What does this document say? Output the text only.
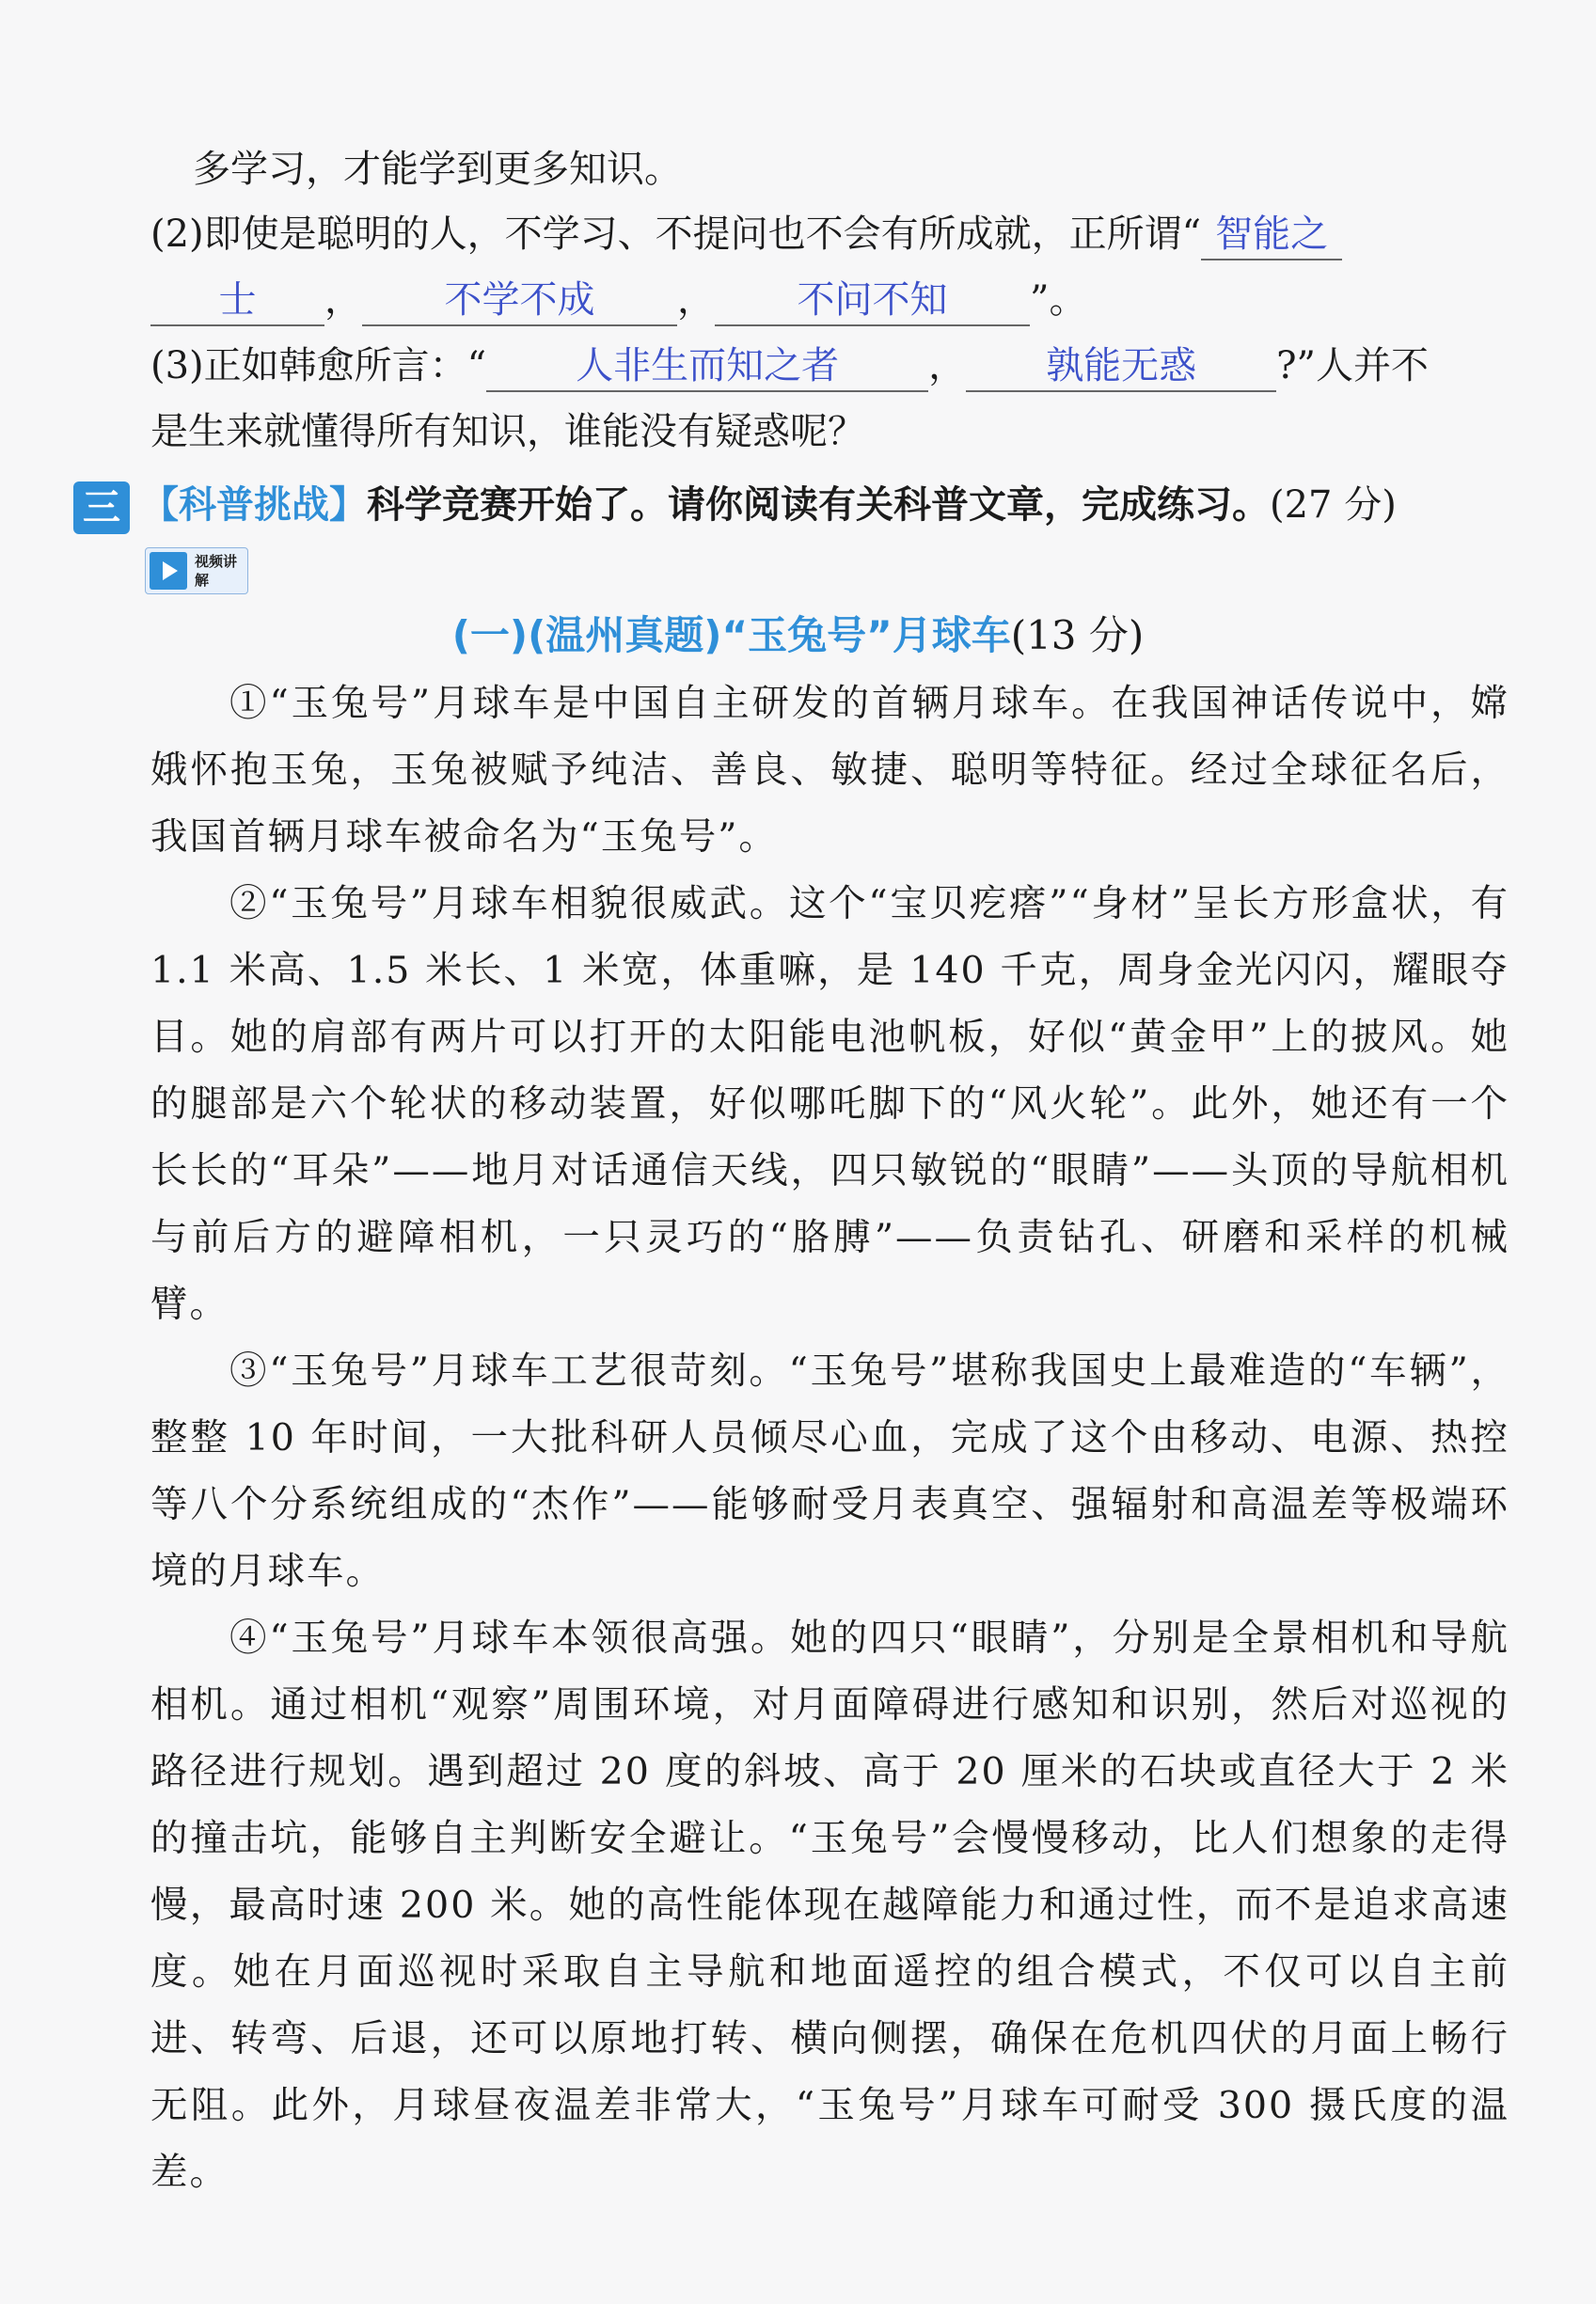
多学习，才能学到更多知识。
(2)即使是聪明的人，不学习、不提问也不会有所成就，正所谓“ 智能之
士 ， 不学不成 ， 不问不知 ”。
(3)正如韩愈所言：“ 人非生而知之者 ， 孰能无惑 ?”人并不
是生来就懂得所有知识，谁能没有疑惑呢？
三 【科普挑战】科学竞赛开始了。请你阅读有关科普文章，完成练习。(27 分)
视频讲解
(一)(温州真题)“玉兔号”月球车(13 分)
①“玉兔号”月球车是中国自主研发的首辆月球车。在我国神话传说中，嫦娥怀抱玉兔，玉兔被赋予纯洁、善良、敏捷、聪明等特征。经过全球征名后，我国首辆月球车被命名为“玉兔号”。
②“玉兔号”月球车相貌很威武。这个“宝贝疙瘩”“身材”呈长方形盒状，有 1.1 米高、1.5 米长、1 米宽，体重嘛，是 140 千克，周身金光闪闪，耀眼夺目。她的肩部有两片可以打开的太阳能电池帆板，好似“黄金甲”上的披风。她的腿部是六个轮状的移动装置，好似哪吒脚下的“风火轮”。此外，她还有一个长长的“耳朵”——地月对话通信天线，四只敏锐的“眼睛”——头顶的导航相机与前后方的避障相机，一只灵巧的“胳膊”——负责钻孔、研磨和采样的机械臂。
③“玉兔号”月球车工艺很苛刻。“玉兔号”堪称我国史上最难造的“车辆”，整整 10 年时间，一大批科研人员倾尽心血，完成了这个由移动、电源、热控等八个分系统组成的“杰作”——能够耐受月表真空、强辐射和高温差等极端环境的月球车。
④“玉兔号”月球车本领很高强。她的四只“眼睛”，分别是全景相机和导航相机。通过相机“观察”周围环境，对月面障碍进行感知和识别，然后对巡视的路径进行规划。遇到超过 20 度的斜坡、高于 20 厘米的石块或直径大于 2 米的撞击坑，能够自主判断安全避让。“玉兔号”会慢慢移动，比人们想象的走得慢，最高时速 200 米。她的高性能体现在越障能力和通过性，而不是追求高速度。她在月面巡视时采取自主导航和地面遥控的组合模式，不仅可以自主前进、转弯、后退，还可以原地打转、横向侧摆，确保在危机四伏的月面上畅行无阻。此外，月球昼夜温差非常大，“玉兔号”月球车可耐受 300 摄氏度的温差。
